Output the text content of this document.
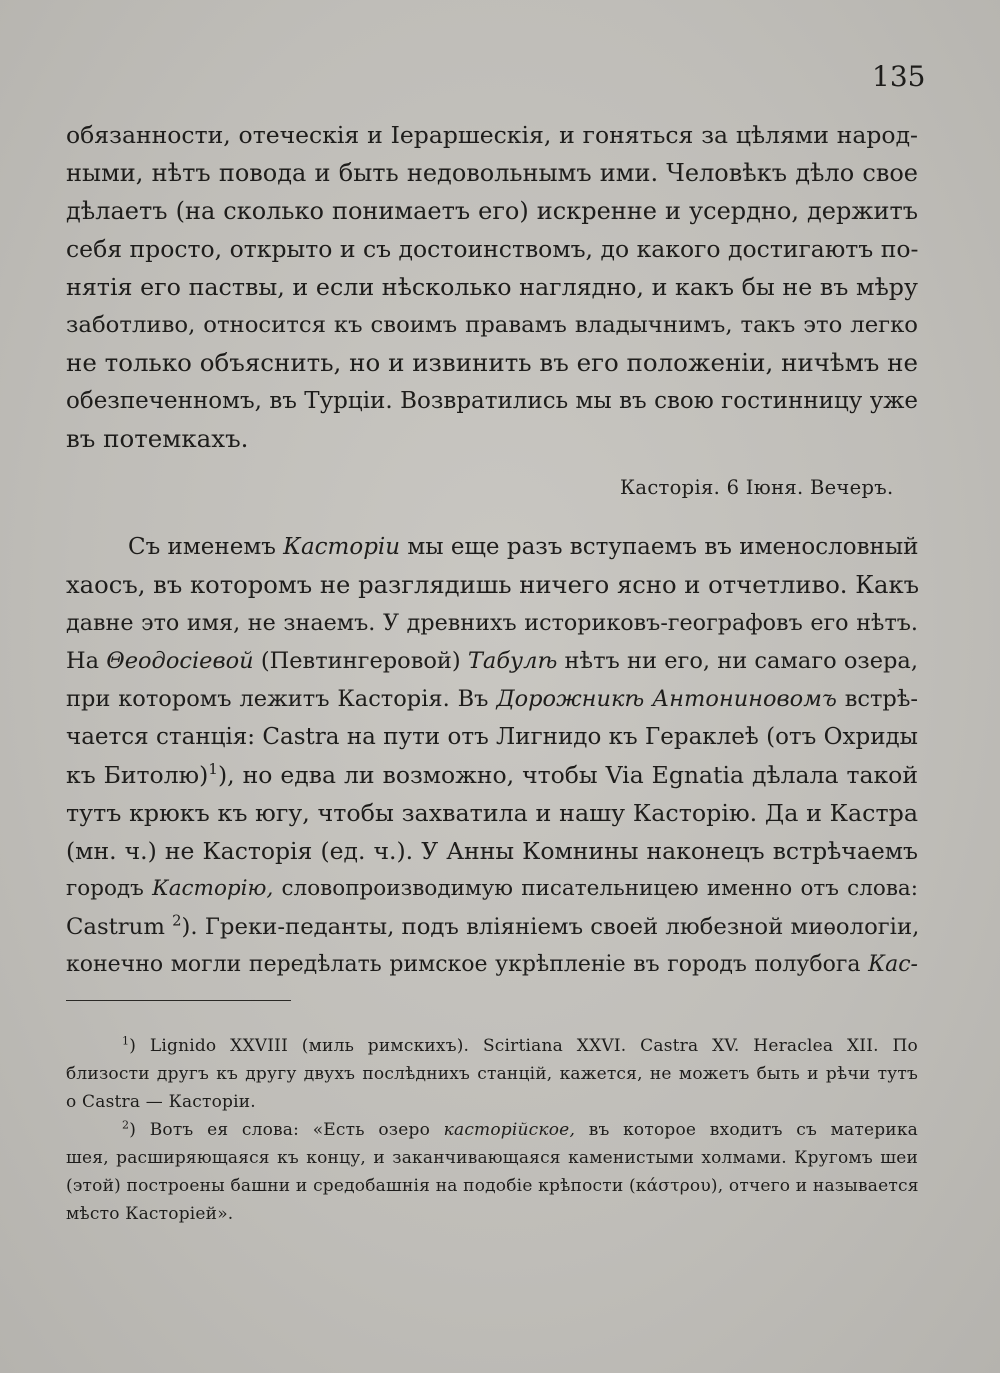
135
обязанности, отеческія и Іераршескія, и гоняться за цѣлями народ-
ными, нѣтъ повода и быть недовольнымъ ими. Человѣкъ дѣло свое
дѣлаетъ (на сколько понимаетъ его) искренне и усердно, держитъ
себя просто, открыто и съ достоинствомъ, до какого достигаютъ по-
нятія его паствы, и если нѣсколько наглядно, и какъ бы не въ мѣру
заботливо, относится къ своимъ правамъ владычнимъ, такъ это легко
не только объяснить, но и извинить въ его положеніи, ничѣмъ не
обезпеченномъ, въ Турціи. Возвратились мы въ свою гостинницу уже
въ потемкахъ.
Касторія. 6 Іюня. Вечеръ.
Съ именемъ Касторіи мы еще разъ вступаемъ въ именословный
хаосъ, въ которомъ не разглядишь ничего ясно и отчетливо. Какъ
давне это имя, не знаемъ. У древнихъ историковъ-географовъ его нѣтъ.
На Θеодосіевой (Певтингеровой) Табулѣ нѣтъ ни его, ни самаго озера,
при которомъ лежитъ Касторія. Въ Дорожникѣ Антониновомъ встрѣ-
чается станція: Castra на пути отъ Лигнидо къ Гераклеѣ (отъ Охриды
къ Битолю)$^1$), но едва ли возможно, чтобы Via Egnatia дѣлала такой
тутъ крюкъ къ югу, чтобы захватила и нашу Касторію. Да и Кастра
(мн. ч.) не Касторія (ед. ч.). У Анны Комнины наконецъ встрѣчаемъ
городъ Касторію, словопроизводимую писательницею именно отъ слова:
Castrum $^2$). Греки-педанты, подъ вліяніемъ своей любезной миѳологіи,
конечно могли передѣлать римское укрѣпленіе въ городъ полубога Кас-
$^1$) Lignido XXVIII (миль римскихъ). Scirtiana XXVI. Castra XV. Heraclea XII. По
близости другъ къ другу двухъ послѣднихъ станцій, кажется, не можетъ быть и рѣчи тутъ
о Castra — Касторіи.
$^2$) Вотъ ея слова: «Есть озеро касторійское, въ которое входитъ съ материка
шея, расширяющаяся къ концу, и заканчивающаяся каменистыми холмами. Кругомъ шеи
(этой) построены башни и средобашнія на подобіе крѣпости (κάστρου), отчего и называется
мѣсто Касторіей».
